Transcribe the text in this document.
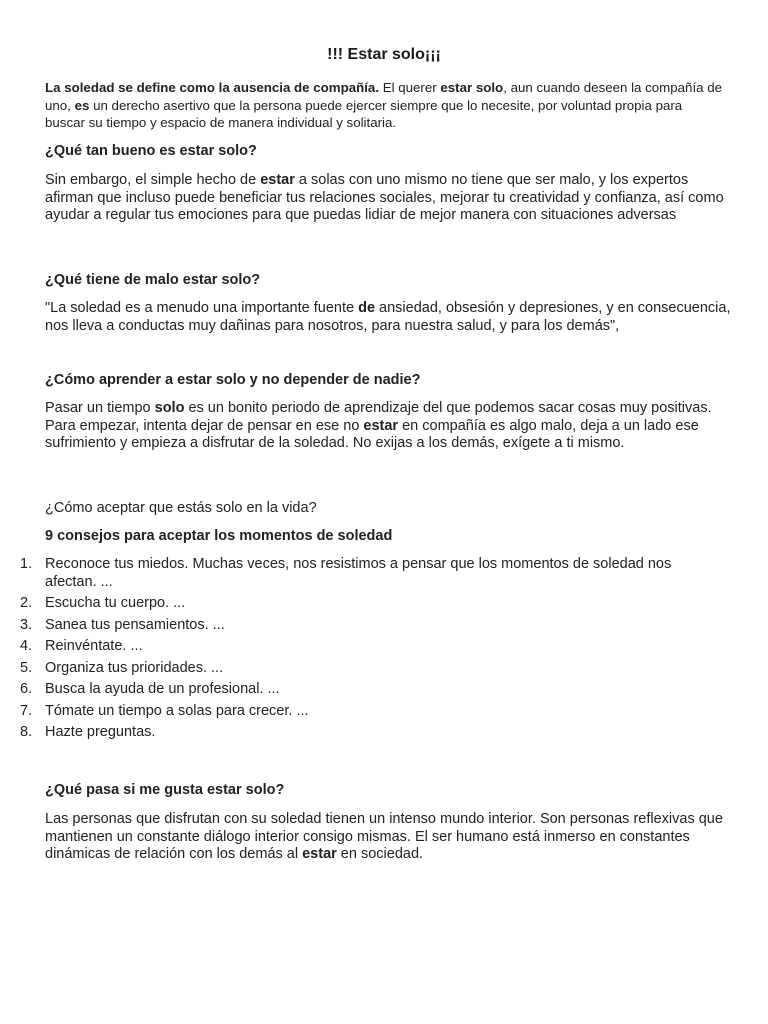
!!! Estar solo¡¡¡

La soledad se define como la ausencia de compañía. El querer estar solo, aun cuando deseen la compañía de uno, es un derecho asertivo que la persona puede ejercer siempre que lo necesite, por voluntad propia para buscar su tiempo y espacio de manera individual y solitaria.

¿Qué tan bueno es estar solo?

Sin embargo, el simple hecho de estar a solas con uno mismo no tiene que ser malo, y los expertos afirman que incluso puede beneficiar tus relaciones sociales, mejorar tu creatividad y confianza, así como ayudar a regular tus emociones para que puedas lidiar de mejor manera con situaciones adversas

¿Qué tiene de malo estar solo?

"La soledad es a menudo una importante fuente de ansiedad, obsesión y depresiones, y en consecuencia, nos lleva a conductas muy dañinas para nosotros, para nuestra salud, y para los demás",

¿Cómo aprender a estar solo y no depender de nadie?

Pasar un tiempo solo es un bonito periodo de aprendizaje del que podemos sacar cosas muy positivas. Para empezar, intenta dejar de pensar en ese no estar en compañía es algo malo, deja a un lado ese sufrimiento y empieza a disfrutar de la soledad. No exijas a los demás, exígete a ti mismo.

¿Cómo aceptar que estás solo en la vida?

9 consejos para aceptar los momentos de soledad
1. Reconoce tus miedos. Muchas veces, nos resistimos a pensar que los momentos de soledad nos afectan. ...
2. Escucha tu cuerpo. ...
3. Sanea tus pensamientos. ...
4. Reinvéntate. ...
5. Organiza tus prioridades. ...
6. Busca la ayuda de un profesional. ...
7. Tómate un tiempo a solas para crecer. ...
8. Hazte preguntas.
¿Qué pasa si me gusta estar solo?

Las personas que disfrutan con su soledad tienen un intenso mundo interior. Son personas reflexivas que mantienen un constante diálogo interior consigo mismas. El ser humano está inmerso en constantes dinámicas de relación con los demás al estar en sociedad.
